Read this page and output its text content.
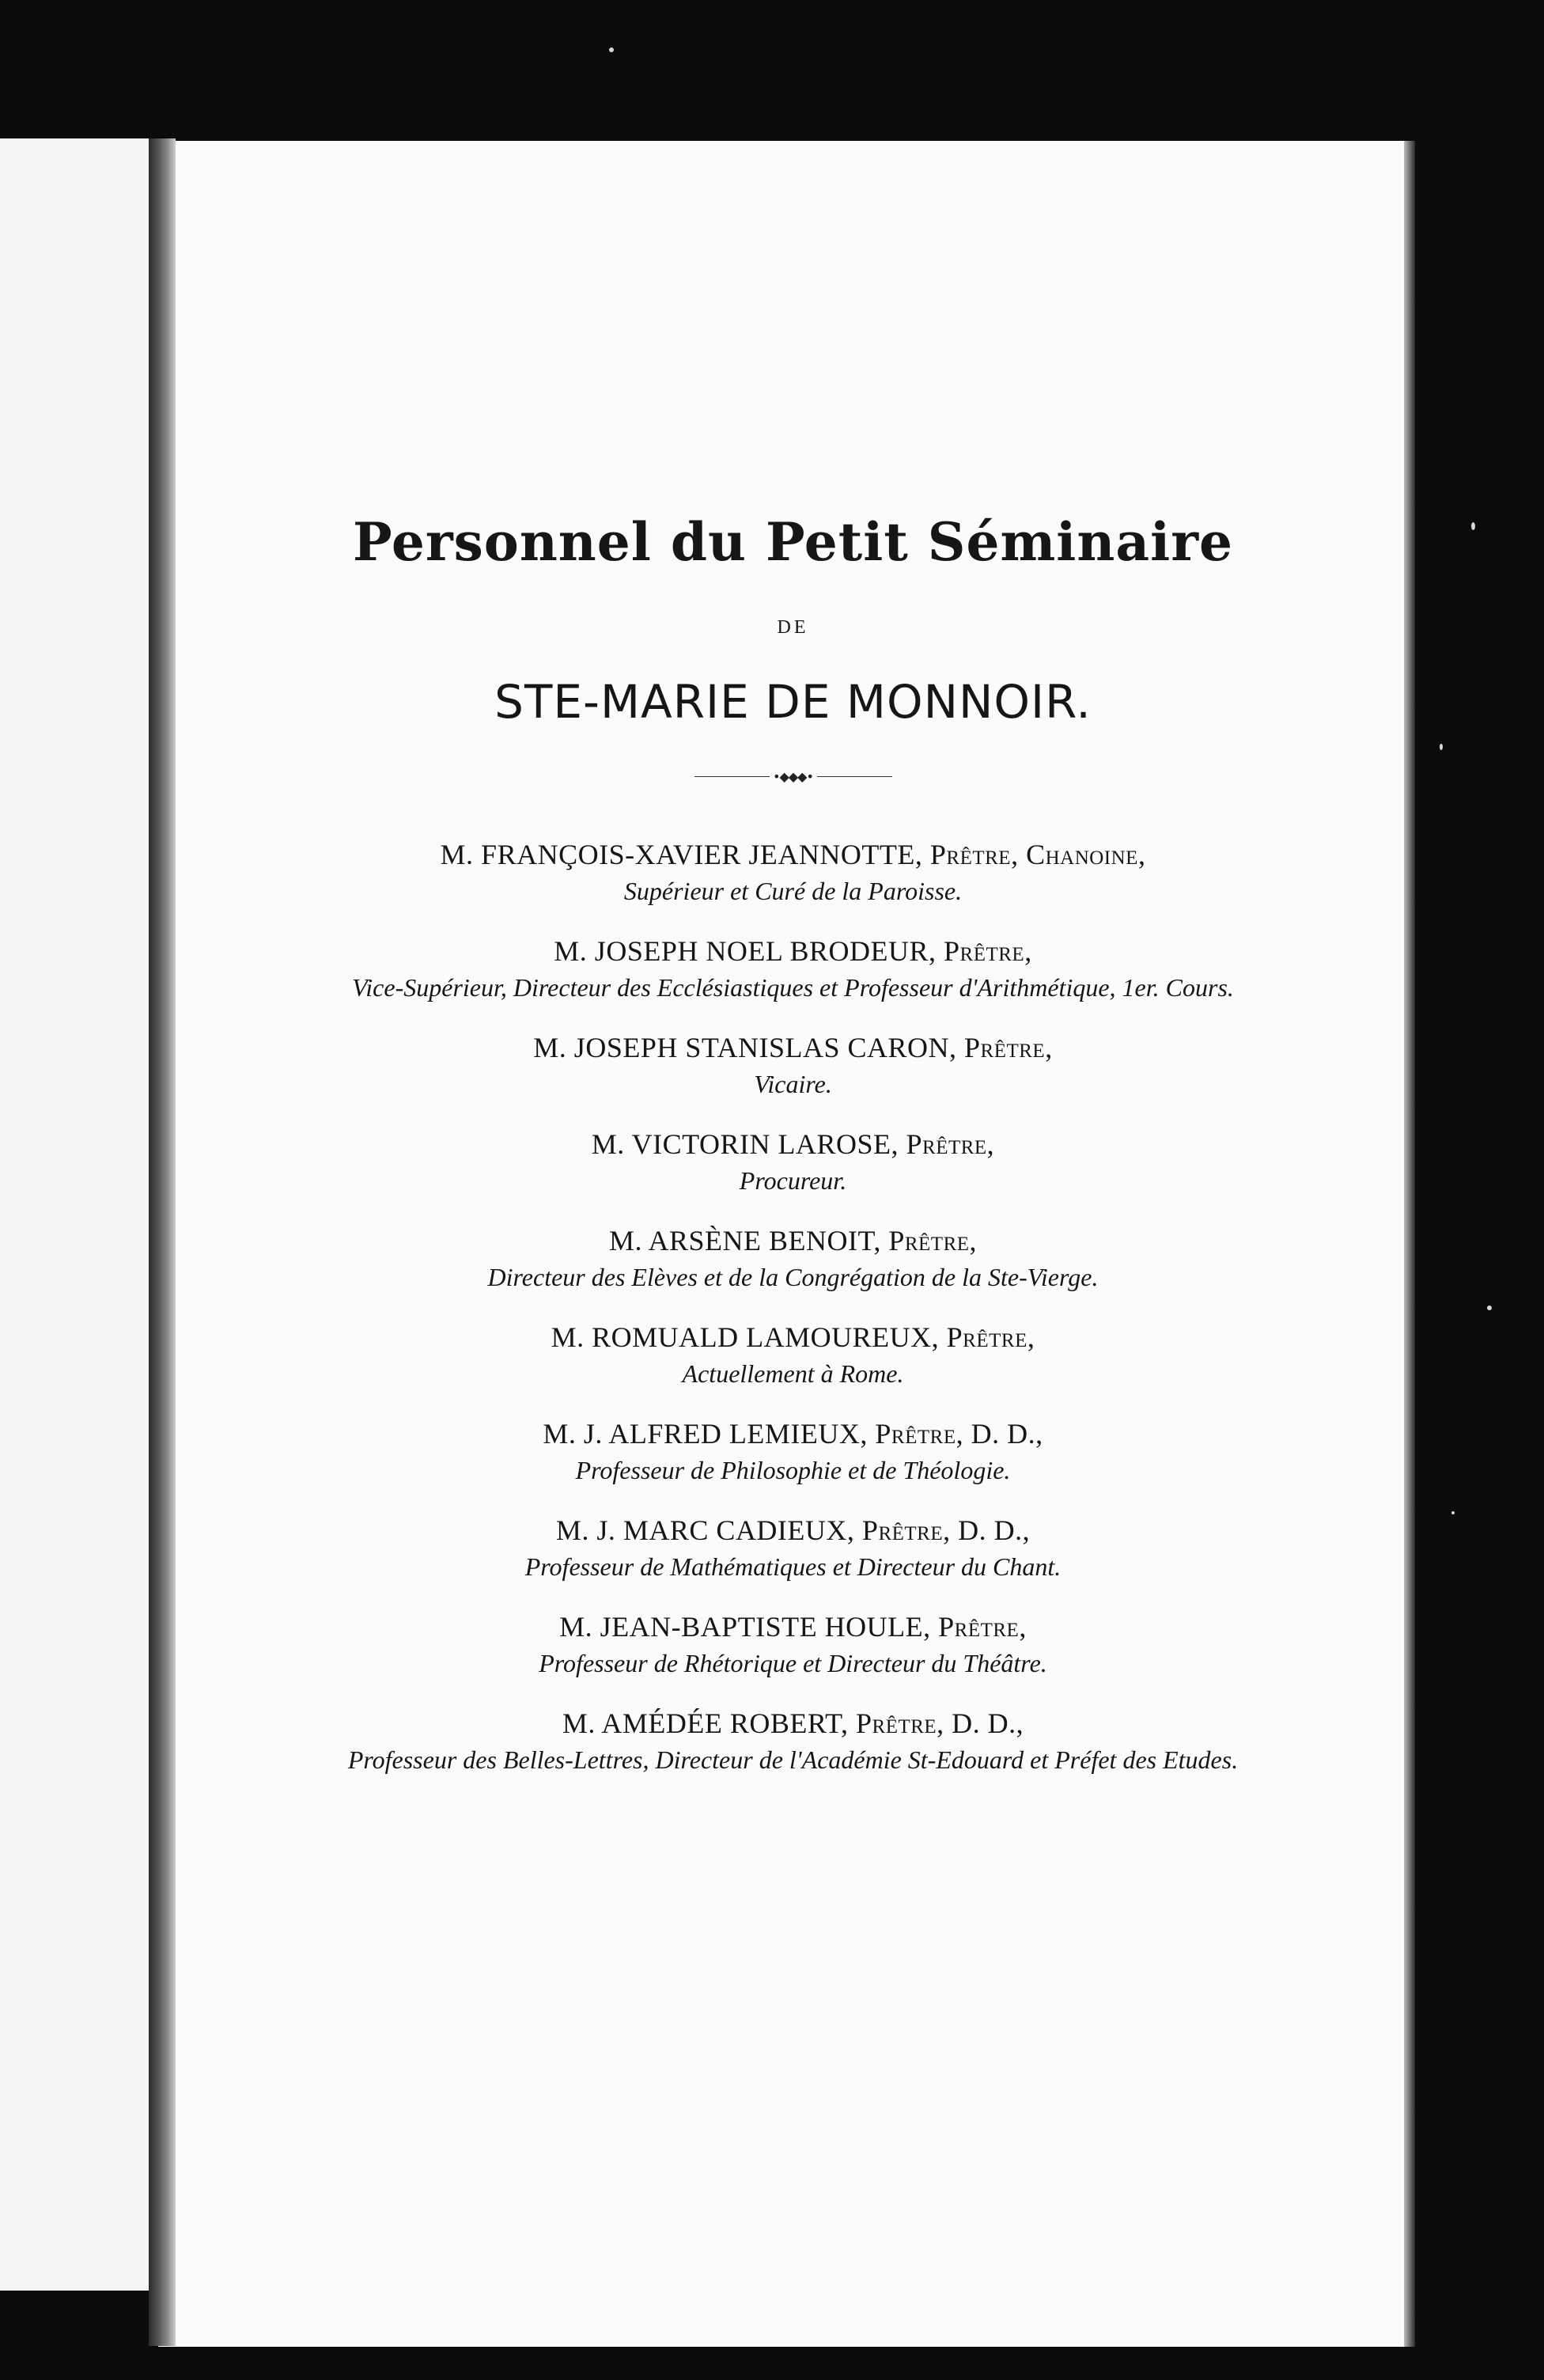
Personnel du Petit Séminaire
DE
STE-MARIE DE MONNOIR.
•◆◆◆•
M. FRANÇOIS-XAVIER JEANNOTTE, Prêtre, Chanoine,
Supérieur et Curé de la Paroisse.
M. JOSEPH NOEL BRODEUR, Prêtre,
Vice-Supérieur, Directeur des Ecclésiastiques et Professeur d'Arithmétique, 1er. Cours.
M. JOSEPH STANISLAS CARON, Prêtre,
Vicaire.
M. VICTORIN LAROSE, Prêtre,
Procureur.
M. ARSÈNE BENOIT, Prêtre,
Directeur des Elèves et de la Congrégation de la Ste-Vierge.
M. ROMUALD LAMOUREUX, Prêtre,
Actuellement à Rome.
M. J. ALFRED LEMIEUX, Prêtre, D. D.,
Professeur de Philosophie et de Théologie.
M. J. MARC CADIEUX, Prêtre, D. D.,
Professeur de Mathématiques et Directeur du Chant.
M. JEAN-BAPTISTE HOULE, Prêtre,
Professeur de Rhétorique et Directeur du Théâtre.
M. AMÉDÉE ROBERT, Prêtre, D. D.,
Professeur des Belles-Lettres, Directeur de l'Académie St-Edouard et Préfet des Etudes.
